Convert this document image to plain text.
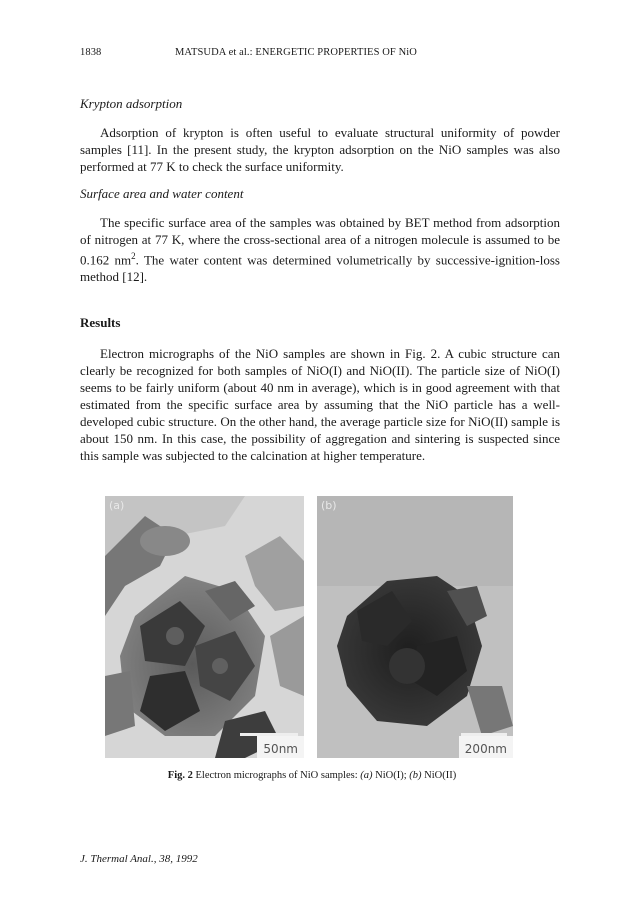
1838	MATSUDA et al.: ENERGETIC PROPERTIES OF NiO
Krypton adsorption

Adsorption of krypton is often useful to evaluate structural uniformity of powder samples [11]. In the present study, the krypton adsorption on the NiO samples was also performed at 77 K to check the surface uniformity.

Surface area and water content

The specific surface area of the samples was obtained by BET method from adsorption of nitrogen at 77 K, where the cross-sectional area of a nitrogen molecule is assumed to be 0.162 $nm^2$. The water content was determined volumetrically by successive-ignition-loss method [12].

Results

Electron micrographs of the NiO samples are shown in Fig. 2. A cubic structure can clearly be recognized for both samples of NiO(I) and NiO(II). The particle size of NiO(I) seems to be fairly uniform (about 40 nm in average), which is in good agreement with that estimated from the specific surface area by assuming that the NiO particle has a well-developed cubic structure. On the other hand, the average particle size for NiO(II) sample is about 150 nm. In this case, the possibility of aggregation and sintering is suspected since this sample was subjected to the calcination at higher temperature.

(a)
50nm
(b)
200nm
Fig. 2 Electron micrographs of NiO samples: (a) NiO(I); (b) NiO(II)
J. Thermal Anal., 38, 1992
